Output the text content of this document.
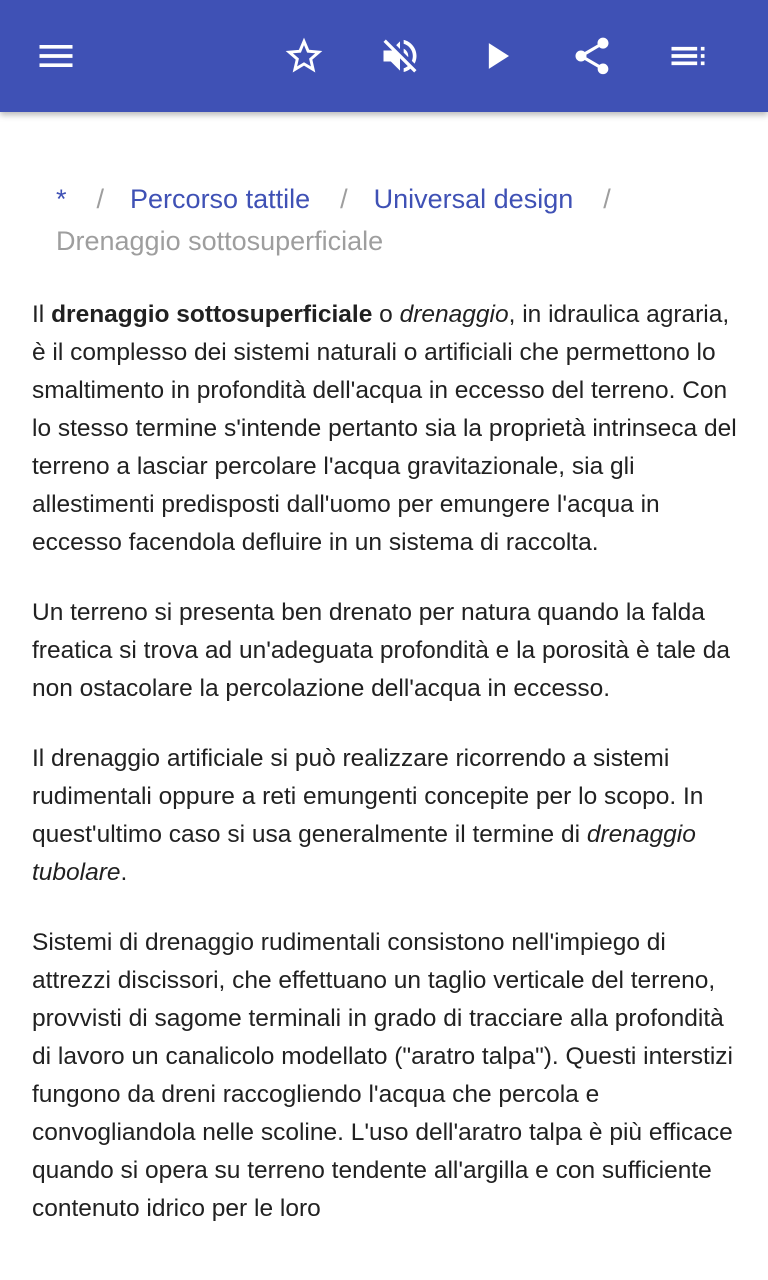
* / Percorso tattile / Universal design /
Drenaggio sottosuperficiale

Il drenaggio sottosuperficiale o drenaggio, in idraulica agraria, è il complesso dei sistemi naturali o artificiali che permettono lo smaltimento in profondità dell'acqua in eccesso del terreno. Con lo stesso termine s'intende pertanto sia la proprietà intrinseca del terreno a lasciar percolare l'acqua gravitazionale, sia gli allestimenti predisposti dall'uomo per emungere l'acqua in eccesso facendola defluire in un sistema di raccolta.

Un terreno si presenta ben drenato per natura quando la falda freatica si trova ad un'adeguata profondità e la porosità è tale da non ostacolare la percolazione dell'acqua in eccesso.

Il drenaggio artificiale si può realizzare ricorrendo a sistemi rudimentali oppure a reti emungenti concepite per lo scopo. In quest'ultimo caso si usa generalmente il termine di drenaggio tubolare.

Sistemi di drenaggio rudimentali consistono nell'impiego di attrezzi discissori, che effettuano un taglio verticale del terreno, provvisti di sagome terminali in grado di tracciare alla profondità di lavoro un canalicolo modellato ("aratro talpa"). Questi interstizi fungono da dreni raccogliendo l'acqua che percola e convogliandola nelle scoline. L'uso dell'aratro talpa è più efficace quando si opera su terreno tendente all'argilla e con sufficiente contenuto idrico per le loro
